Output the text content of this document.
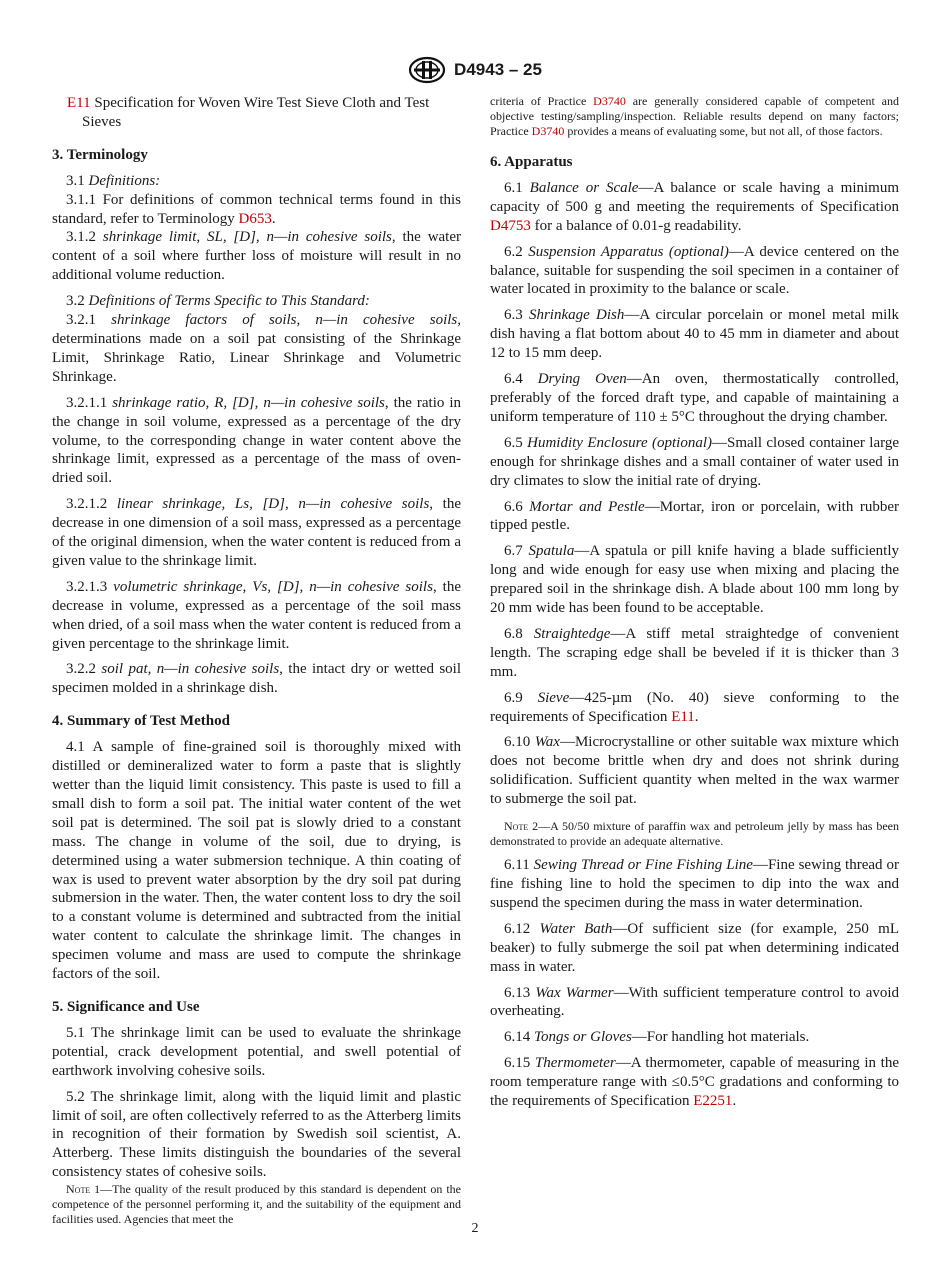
D4943 – 25

E11 Specification for Woven Wire Test Sieve Cloth and Test Sieves

3. Terminology

3.1 Definitions:

3.1.1 For definitions of common technical terms found in this standard, refer to Terminology D653.

3.1.2 shrinkage limit, SL, [D], n—in cohesive soils, the water content of a soil where further loss of moisture will result in no additional volume reduction.

3.2 Definitions of Terms Specific to This Standard:

3.2.1 shrinkage factors of soils, n—in cohesive soils, determinations made on a soil pat consisting of the Shrinkage Limit, Shrinkage Ratio, Linear Shrinkage and Volumetric Shrinkage.

3.2.1.1 shrinkage ratio, R, [D], n—in cohesive soils, the ratio in the change in soil volume, expressed as a percentage of the dry volume, to the corresponding change in water content above the shrinkage limit, expressed as a percentage of the mass of oven-dried soil.

3.2.1.2 linear shrinkage, Ls, [D], n—in cohesive soils, the decrease in one dimension of a soil mass, expressed as a percentage of the original dimension, when the water content is reduced from a given value to the shrinkage limit.

3.2.1.3 volumetric shrinkage, Vs, [D], n—in cohesive soils, the decrease in volume, expressed as a percentage of the soil mass when dried, of a soil mass when the water content is reduced from a given percentage to the shrinkage limit.

3.2.2 soil pat, n—in cohesive soils, the intact dry or wetted soil specimen molded in a shrinkage dish.

4. Summary of Test Method

4.1 A sample of fine-grained soil is thoroughly mixed with distilled or demineralized water to form a paste that is slightly wetter than the liquid limit consistency. This paste is used to fill a small dish to form a soil pat. The initial water content of the wet soil pat is determined. The soil pat is slowly dried to a constant mass. The change in volume of the soil, due to drying, is determined using a water submersion technique. A thin coating of wax is used to prevent water absorption by the dry soil pat during submersion in the water. Then, the water content loss to dry the soil to a constant volume is determined and subtracted from the initial water content to calculate the shrinkage limit. The changes in specimen volume and mass are used to compute the shrinkage factors of the soil.

5. Significance and Use

5.1 The shrinkage limit can be used to evaluate the shrinkage potential, crack development potential, and swell potential of earthwork involving cohesive soils.

5.2 The shrinkage limit, along with the liquid limit and plastic limit of soil, are often collectively referred to as the Atterberg limits in recognition of their formation by Swedish soil scientist, A. Atterberg. These limits distinguish the boundaries of the several consistency states of cohesive soils.

Note 1—The quality of the result produced by this standard is dependent on the competence of the personnel performing it, and the suitability of the equipment and facilities used. Agencies that meet the

criteria of Practice D3740 are generally considered capable of competent and objective testing/sampling/inspection. Reliable results depend on many factors; Practice D3740 provides a means of evaluating some, but not all, of those factors.

6. Apparatus

6.1 Balance or Scale—A balance or scale having a minimum capacity of 500 g and meeting the requirements of Specification D4753 for a balance of 0.01-g readability.

6.2 Suspension Apparatus (optional)—A device centered on the balance, suitable for suspending the soil specimen in a container of water located in proximity to the balance or scale.

6.3 Shrinkage Dish—A circular porcelain or monel metal milk dish having a flat bottom about 40 to 45 mm in diameter and about 12 to 15 mm deep.

6.4 Drying Oven—An oven, thermostatically controlled, preferably of the forced draft type, and capable of maintaining a uniform temperature of 110 ± 5°C throughout the drying chamber.

6.5 Humidity Enclosure (optional)—Small closed container large enough for shrinkage dishes and a small container of water used in dry climates to slow the initial rate of drying.

6.6 Mortar and Pestle—Mortar, iron or porcelain, with rubber tipped pestle.

6.7 Spatula—A spatula or pill knife having a blade sufficiently long and wide enough for easy use when mixing and placing the prepared soil in the shrinkage dish. A blade about 100 mm long by 20 mm wide has been found to be acceptable.

6.8 Straightedge—A stiff metal straightedge of convenient length. The scraping edge shall be beveled if it is thicker than 3 mm.

6.9 Sieve—425-µm (No. 40) sieve conforming to the requirements of Specification E11.

6.10 Wax—Microcrystalline or other suitable wax mixture which does not become brittle when dry and does not shrink during solidification. Sufficient quantity when melted in the wax warmer to submerge the soil pat.

Note 2—A 50/50 mixture of paraffin wax and petroleum jelly by mass has been demonstrated to provide an adequate alternative.

6.11 Sewing Thread or Fine Fishing Line—Fine sewing thread or fine fishing line to hold the specimen to dip into the wax and suspend the specimen during the mass in water determination.

6.12 Water Bath—Of sufficient size (for example, 250 mL beaker) to fully submerge the soil pat when determining indicated mass in water.

6.13 Wax Warmer—With sufficient temperature control to avoid overheating.

6.14 Tongs or Gloves—For handling hot materials.

6.15 Thermometer—A thermometer, capable of measuring in the room temperature range with ≤0.5°C gradations and conforming to the requirements of Specification E2251.

2
